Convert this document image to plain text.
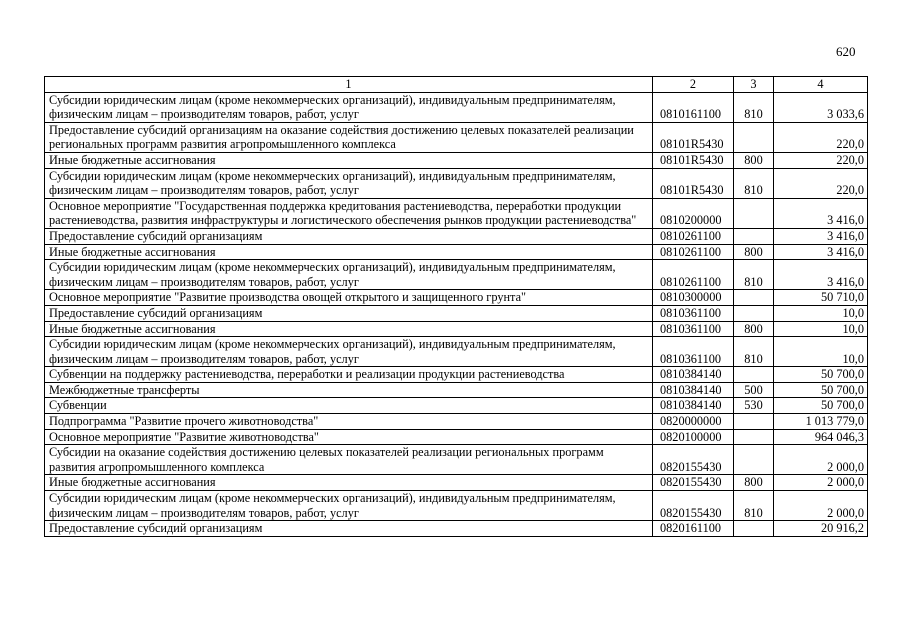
620
1	2	3	4
Субсидии юридическим лицам (кроме некоммерческих организаций), индивидуальным предпринимателям, физическим лицам – производителям товаров, работ, услуг	0810161100	810	3 033,6
Предоставление субсидий организациям на оказание содействия достижению целевых показателей реализации региональных программ развития агропромышленного комплекса	08101R5430		220,0
Иные бюджетные ассигнования	08101R5430	800	220,0
Субсидии юридическим лицам (кроме некоммерческих организаций), индивидуальным предпринимателям, физическим лицам – производителям товаров, работ, услуг	08101R5430	810	220,0
Основное мероприятие "Государственная поддержка кредитования растениеводства, переработки продукции растениеводства, развития инфраструктуры и логистического обеспечения рынков продукции растениеводства"	0810200000		3 416,0
Предоставление субсидий организациям	0810261100		3 416,0
Иные бюджетные ассигнования	0810261100	800	3 416,0
Субсидии юридическим лицам (кроме некоммерческих организаций), индивидуальным предпринимателям, физическим лицам – производителям товаров, работ, услуг	0810261100	810	3 416,0
Основное мероприятие "Развитие производства овощей открытого и защищенного грунта"	0810300000		50 710,0
Предоставление субсидий организациям	0810361100		10,0
Иные бюджетные ассигнования	0810361100	800	10,0
Субсидии юридическим лицам (кроме некоммерческих организаций), индивидуальным предпринимателям, физическим лицам – производителям товаров, работ, услуг	0810361100	810	10,0
Субвенции на поддержку растениеводства, переработки и реализации продукции растениеводства	0810384140		50 700,0
Межбюджетные трансферты	0810384140	500	50 700,0
Субвенции	0810384140	530	50 700,0
Подпрограмма "Развитие прочего животноводства"	0820000000		1 013 779,0
Основное мероприятие "Развитие животноводства"	0820100000		964 046,3
Субсидии на оказание содействия достижению целевых показателей реализации региональных программ развития агропромышленного комплекса	0820155430		2 000,0
Иные бюджетные ассигнования	0820155430	800	2 000,0
Субсидии юридическим лицам (кроме некоммерческих организаций), индивидуальным предпринимателям, физическим лицам – производителям товаров, работ, услуг	0820155430	810	2 000,0
Предоставление субсидий организациям	0820161100		20 916,2
